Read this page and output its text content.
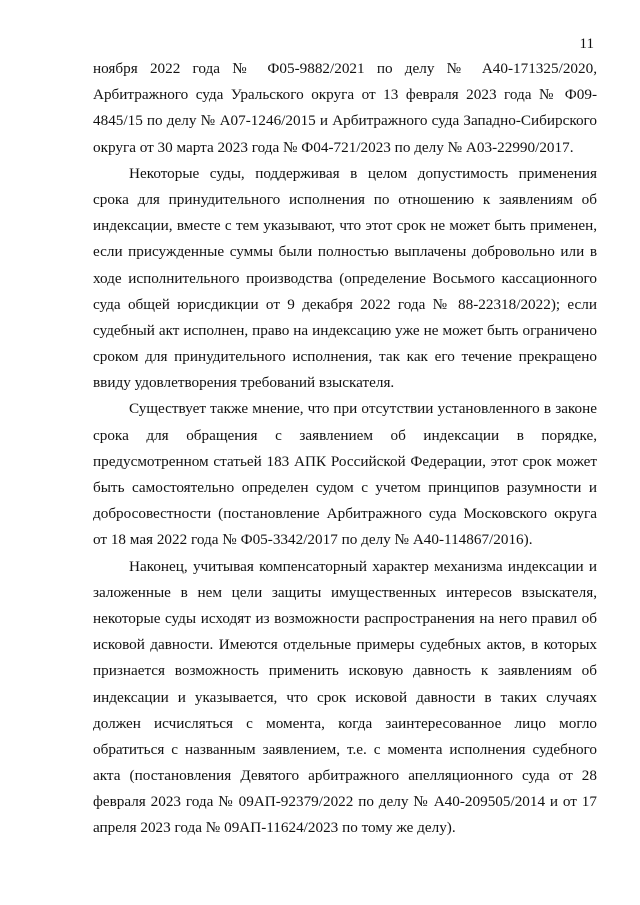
11
ноября 2022 года № Ф05-9882/2021 по делу № А40-171325/2020,
Арбитражного суда Уральского округа от 13 февраля 2023 года № Ф09-
4845/15 по делу № А07-1246/2015 и Арбитражного суда Западно-Сибирского
округа от 30 марта 2023 года № Ф04-721/2023 по делу № А03-22990/2017.
Некоторые суды, поддерживая в целом допустимость применения
срока для принудительного исполнения по отношению к заявлениям об
индексации, вместе с тем указывают, что этот срок не может быть применен,
если присужденные суммы были полностью выплачены добровольно или в
ходе исполнительного производства (определение Восьмого кассационного
суда общей юрисдикции от 9 декабря 2022 года № 88-22318/2022); если
судебный акт исполнен, право на индексацию уже не может быть ограничено
сроком для принудительного исполнения, так как его течение прекращено
ввиду удовлетворения требований взыскателя.
Существует также мнение, что при отсутствии установленного в законе
срока для обращения с заявлением об индексации в порядке,
предусмотренном статьей 183 АПК Российской Федерации, этот срок может
быть самостоятельно определен судом с учетом принципов разумности и
добросовестности (постановление Арбитражного суда Московского округа
от 18 мая 2022 года № Ф05-3342/2017 по делу № А40-114867/2016).
Наконец, учитывая компенсаторный характер механизма индексации и
заложенные в нем цели защиты имущественных интересов взыскателя,
некоторые суды исходят из возможности распространения на него правил об
исковой давности. Имеются отдельные примеры судебных актов, в которых
признается возможность применить исковую давность к заявлениям об
индексации и указывается, что срок исковой давности в таких случаях
должен исчисляться с момента, когда заинтересованное лицо могло
обратиться с названным заявлением, т.е. с момента исполнения судебного
акта (постановления Девятого арбитражного апелляционного суда от 28
февраля 2023 года № 09АП-92379/2022 по делу № А40-209505/2014 и от 17
апреля 2023 года № 09АП-11624/2023 по тому же делу).
